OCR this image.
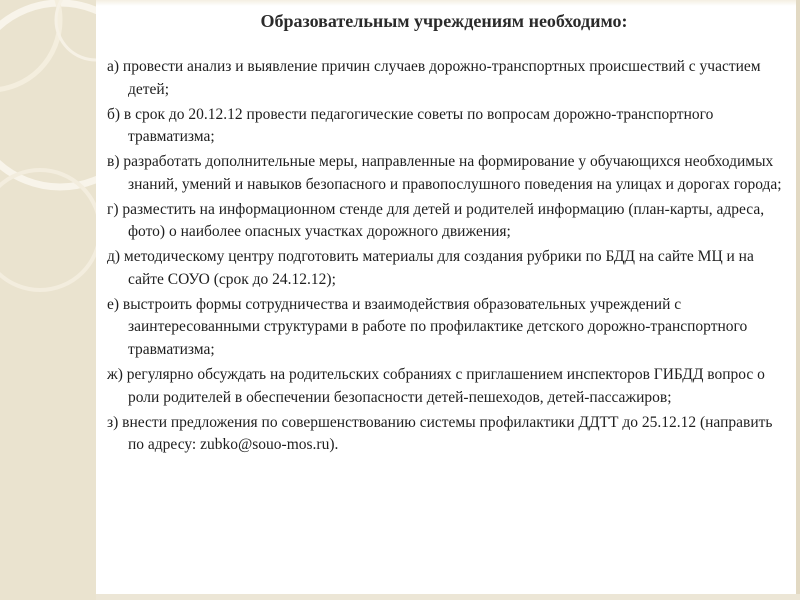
Образовательным учреждениям необходимо:
а) провести анализ и выявление причин случаев дорожно-транспортных происшествий с участием детей;
б) в срок до 20.12.12 провести педагогические советы по вопросам дорожно-транспортного травматизма;
в) разработать дополнительные меры, направленные на формирование у обучающихся необходимых знаний, умений и навыков безопасного и правопослушного поведения на улицах и дорогах города;
г) разместить на информационном стенде для детей и родителей информацию (план-карты, адреса, фото) о наиболее опасных участках дорожного движения;
д) методическому центру подготовить материалы для создания рубрики по БДД на сайте МЦ и на сайте СОУО (срок до 24.12.12);
е) выстроить формы сотрудничества и взаимодействия образовательных учреждений с заинтересованными структурами в работе по профилактике детского дорожно-транспортного травматизма;
ж) регулярно обсуждать на родительских собраниях с приглашением инспекторов ГИБДД вопрос о роли родителей в обеспечении безопасности детей-пешеходов, детей-пассажиров;
з) внести предложения по совершенствованию системы профилактики ДДТТ до 25.12.12 (направить по адресу: zubko@souo-mos.ru).
